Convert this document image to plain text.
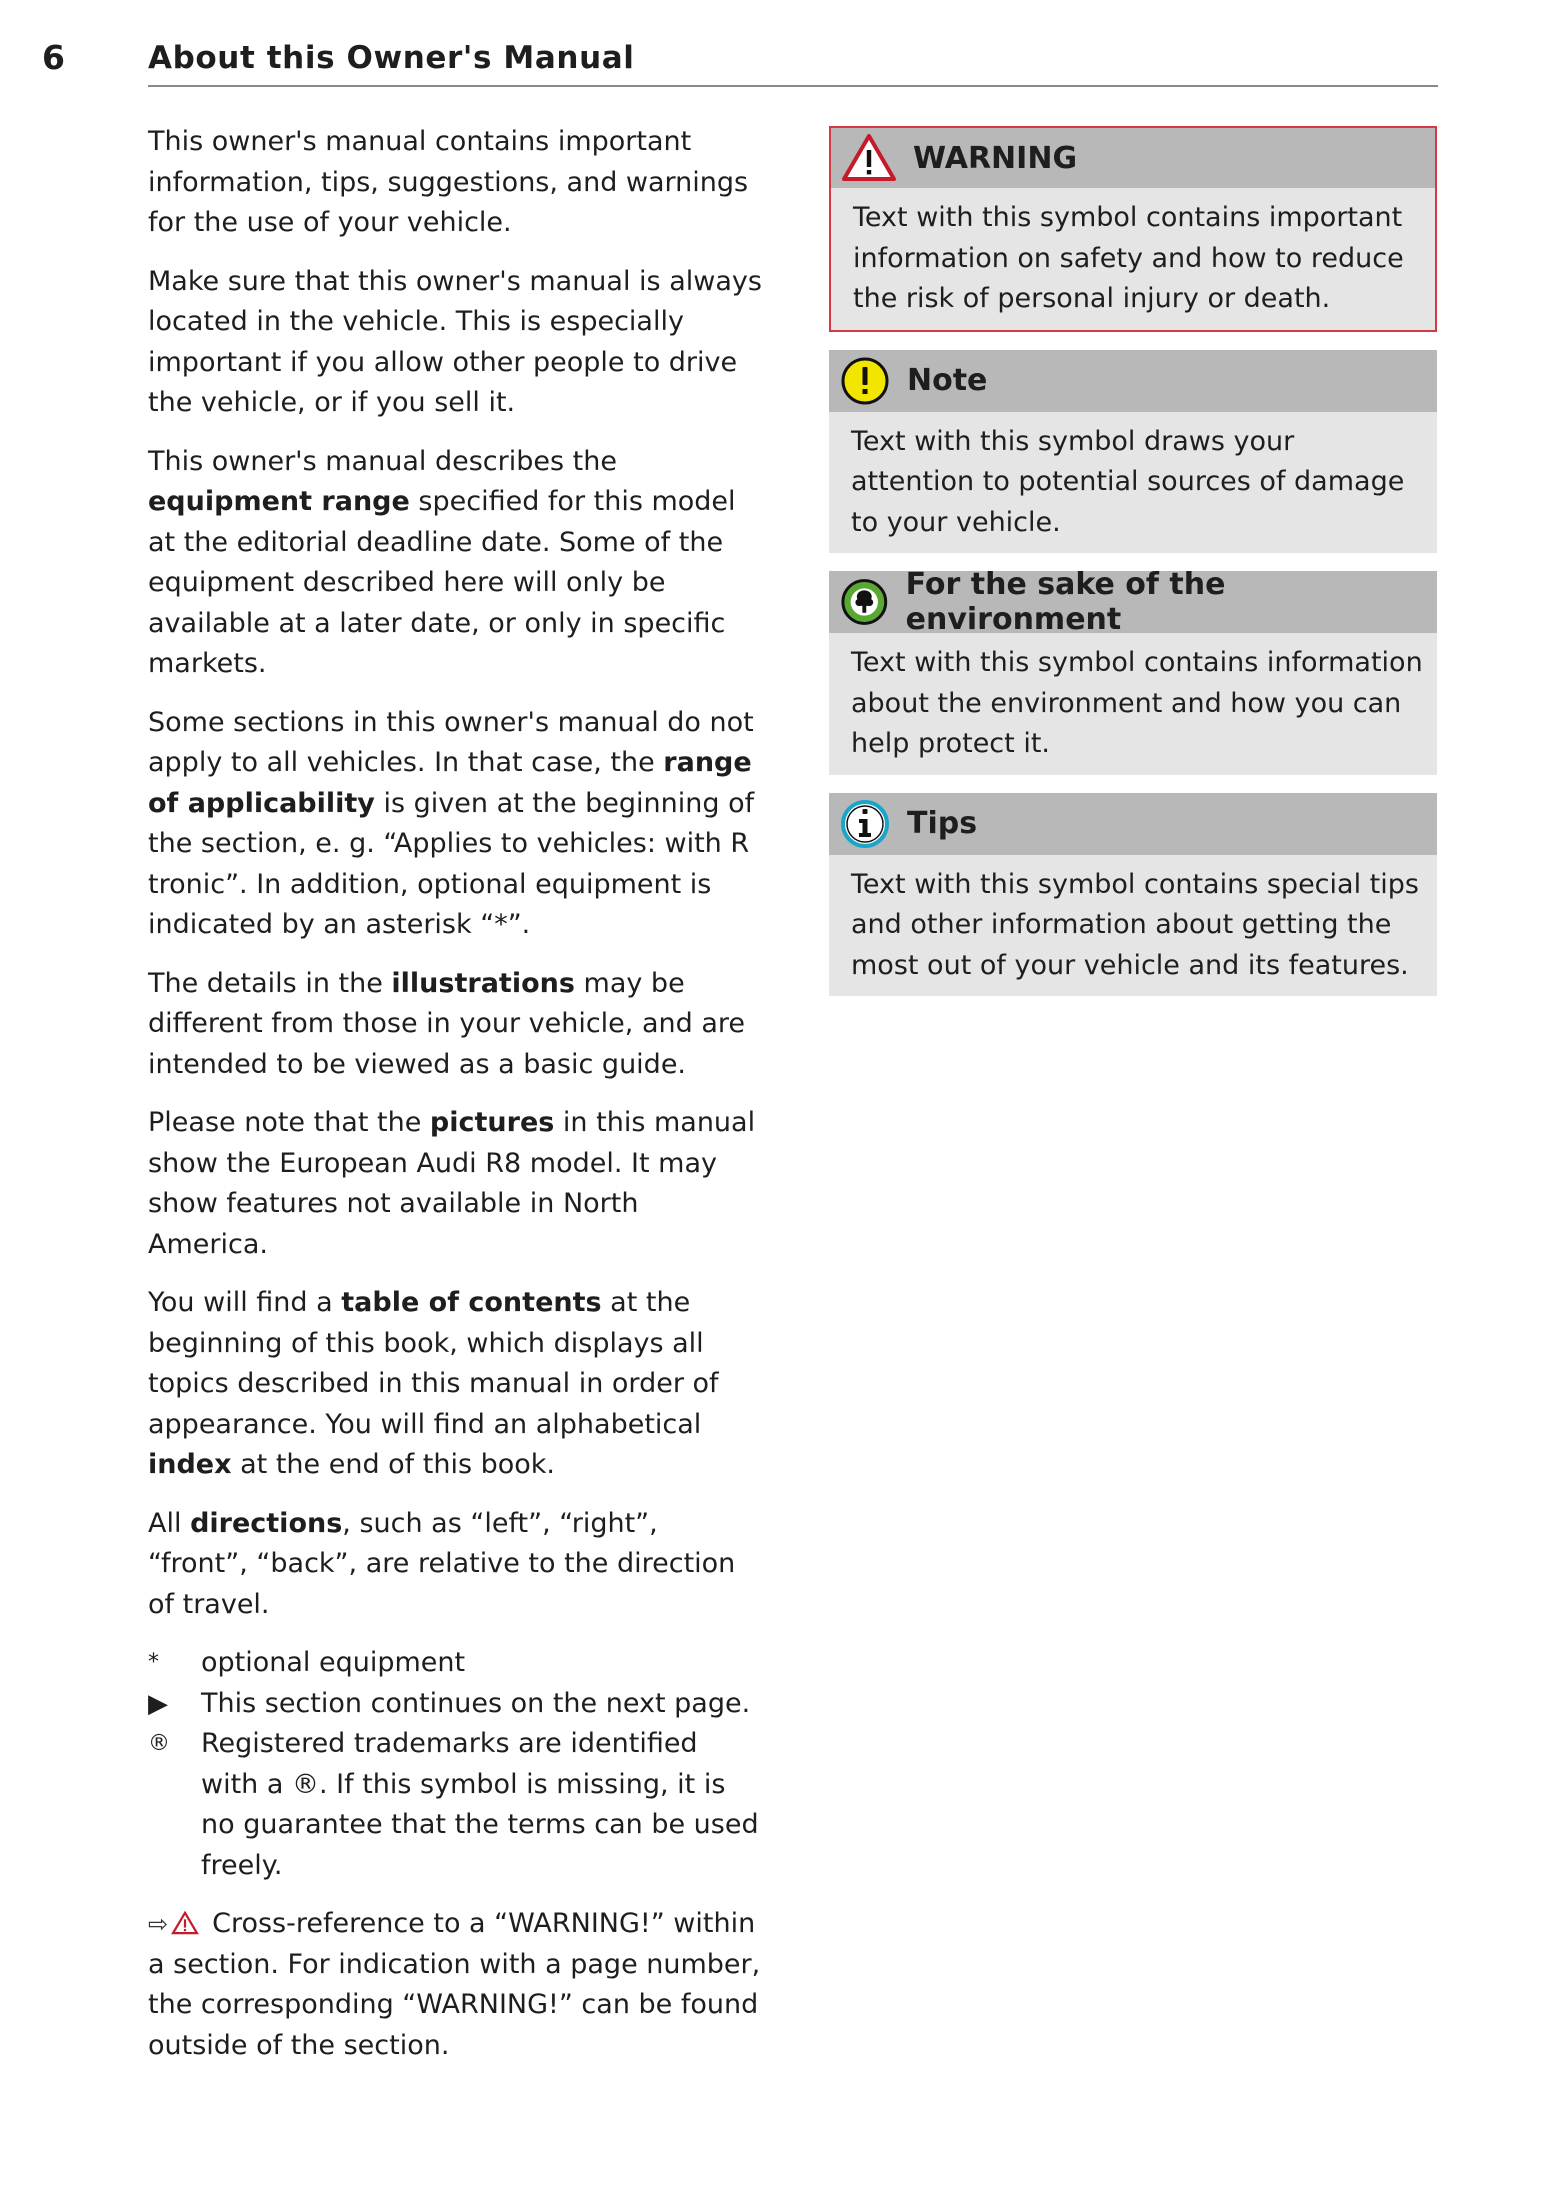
6	About this Owner's Manual

This owner's manual contains important information, tips, suggestions, and warnings for the use of your vehicle.

Make sure that this owner's manual is always located in the vehicle. This is especially important if you allow other people to drive the vehicle, or if you sell it.

This owner's manual describes the equipment range specified for this model at the editorial deadline date. Some of the equipment described here will only be available at a later date, or only in specific markets.

Some sections in this owner's manual do not apply to all vehicles. In that case, the range of applicability is given at the beginning of the section, e. g. “Applies to vehicles: with R tronic”. In addition, optional equipment is indicated by an asterisk “*”.

The details in the illustrations may be different from those in your vehicle, and are intended to be viewed as a basic guide.

Please note that the pictures in this manual show the European Audi R8 model. It may show features not available in North America.

You will find a table of contents at the beginning of this book, which displays all topics described in this manual in order of appearance. You will find an alphabetical index at the end of this book.

All directions, such as “left”, “right”, “front”, “back”, are relative to the direction of travel.

*	optional equipment
▶	This section continues on the next page.
®	Registered trademarks are identified with a ®. If this symbol is missing, it is no guarantee that the terms can be used freely.

⇨ Cross-reference to a “WARNING!” within a section. For indication with a page number, the corresponding “WARNING!” can be found outside of the section.

WARNING
Text with this symbol contains important information on safety and how to reduce the risk of personal injury or death.
Note
Text with this symbol draws your attention to potential sources of damage to your vehicle.
For the sake of the environment
Text with this symbol contains information about the environment and how you can help protect it.
Tips
Text with this symbol contains special tips and other information about getting the most out of your vehicle and its features.
